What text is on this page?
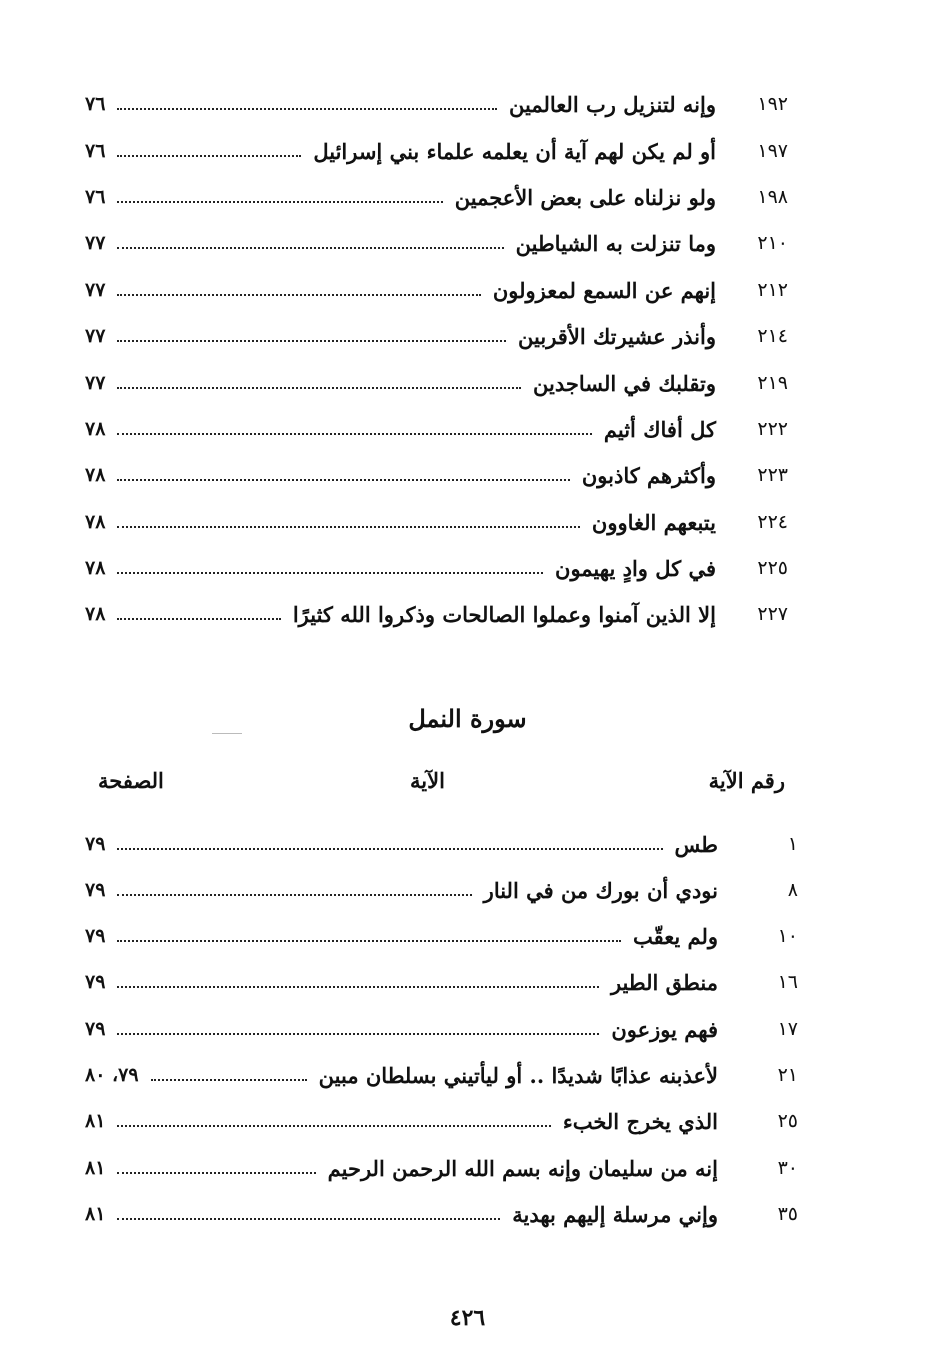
١٩٢
وإنه لتنزيل رب العالمين
٧٦
١٩٧
أو لم يكن لهم آية أن يعلمه علماء بني إسرائيل
٧٦
١٩٨
ولو نزلناه على بعض الأعجمين
٧٦
٢١٠
وما تنزلت به الشياطين
٧٧
٢١٢
إنهم عن السمع لمعزولون
٧٧
٢١٤
وأنذر عشيرتك الأقربين
٧٧
٢١٩
وتقلبك في الساجدين
٧٧
٢٢٢
كل أفاك أثيم
٧٨
٢٢٣
وأكثرهم كاذبون
٧٨
٢٢٤
يتبعهم الغاوون
٧٨
٢٢٥
في كل وادٍ يهيمون
٧٨
٢٢٧
إلا الذين آمنوا وعملوا الصالحات وذكروا الله كثيرًا
٧٨
سورة النمل
رقم الآية
الآية
الصفحة
١
طس
٧٩
٨
نودي أن بورك من في النار
٧٩
١٠
ولم يعقّب
٧٩
١٦
منطق الطير
٧٩
١٧
فهم يوزعون
٧٩
٢١
لأعذبنه عذابًا شديدًا .. أو ليأتيني بسلطان مبين
٧٩، ٨٠
٢٥
الذي يخرج الخبء
٨١
٣٠
إنه من سليمان وإنه بسم الله الرحمن الرحيم
٨١
٣٥
وإني مرسلة إليهم بهدية
٨١
٤٢٦
